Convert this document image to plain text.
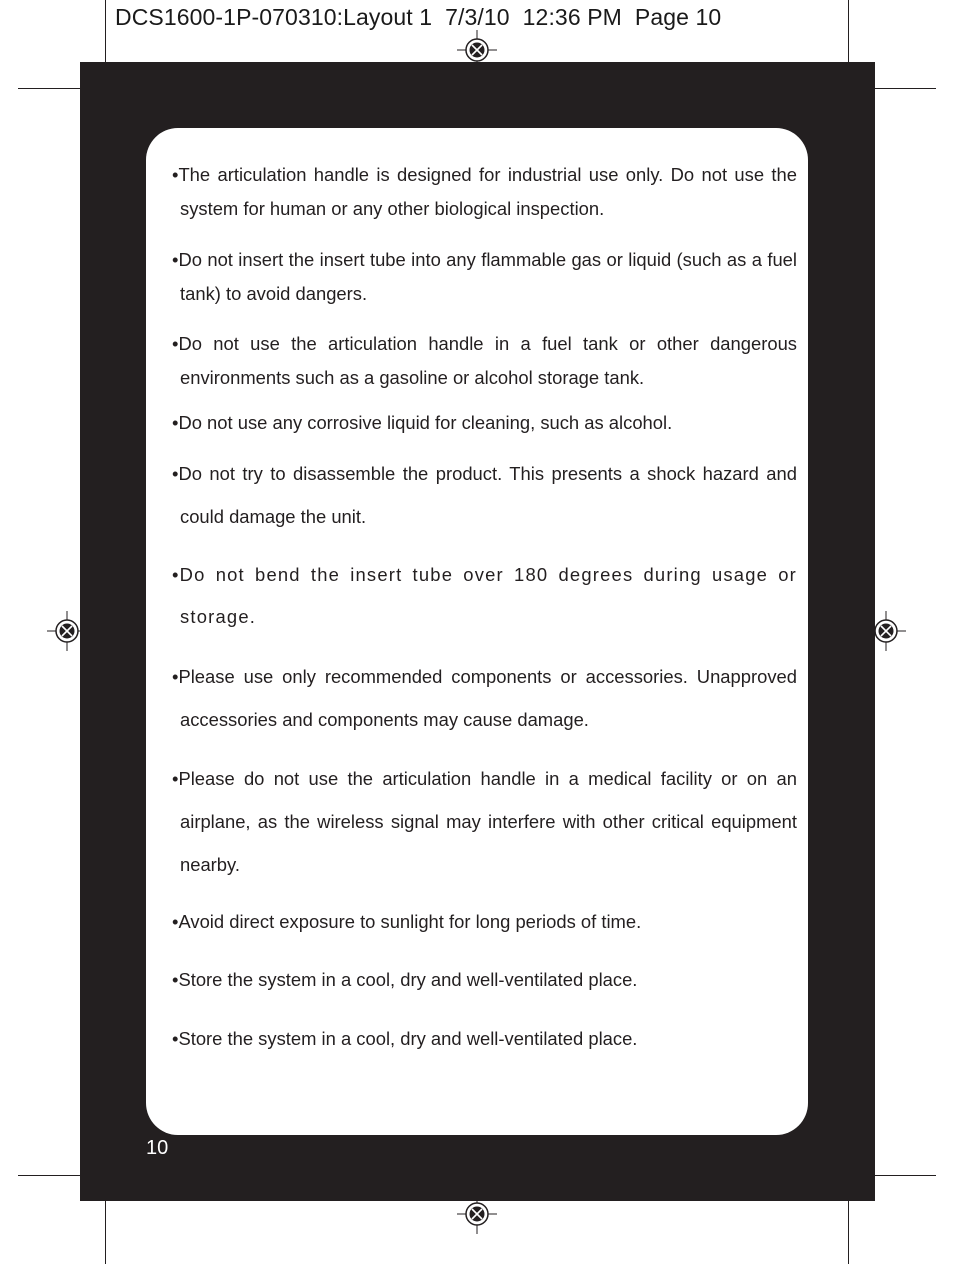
DCS1600-1P-070310:Layout 1  7/3/10  12:36 PM  Page 10
•The articulation handle is designed for industrial use only. Do not use the system for human or any other biological inspection.
•Do not insert the insert tube into any flammable gas or liquid (such as a fuel tank) to avoid dangers.
•Do not use the articulation handle in a fuel tank or other dangerous environments such as a gasoline or alcohol storage tank.
•Do not use any corrosive liquid for cleaning, such as alcohol.
•Do not try to disassemble the product. This presents a shock hazard and could damage the unit.
•Do not bend the insert tube over 180 degrees during usage or storage.
•Please use only recommended components or accessories. Unapproved accessories and components may cause damage.
•Please do not use the articulation handle in a medical facility or on an airplane, as the wireless signal may interfere with other critical equipment nearby.
•Avoid direct exposure to sunlight for long periods of time.
•Store the system in a cool, dry and well-ventilated place.
•Store the system in a cool, dry and well-ventilated place.
10
